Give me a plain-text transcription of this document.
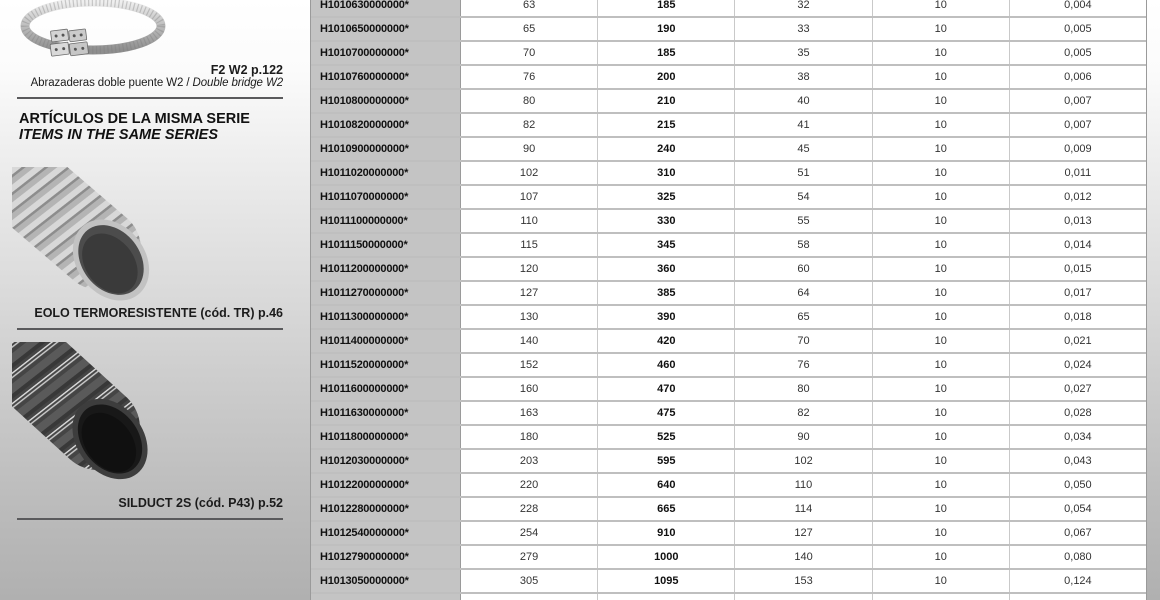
F2 W2 p.122
Abrazaderas doble puente W2 / Double bridge W2
ARTÍCULOS DE LA MISMA SERIE
ITEMS IN THE SAME SERIES
EOLO TERMORESISTENTE (cód. TR) p.46
SILDUCT 2S (cód. P43) p.52
H1010630000000*	63	185	32	10	0,004
H1010650000000*	65	190	33	10	0,005
H1010700000000*	70	185	35	10	0,005
H1010760000000*	76	200	38	10	0,006
H1010800000000*	80	210	40	10	0,007
H1010820000000*	82	215	41	10	0,007
H1010900000000*	90	240	45	10	0,009
H1011020000000*	102	310	51	10	0,011
H1011070000000*	107	325	54	10	0,012
H1011100000000*	110	330	55	10	0,013
H1011150000000*	115	345	58	10	0,014
H1011200000000*	120	360	60	10	0,015
H1011270000000*	127	385	64	10	0,017
H1011300000000*	130	390	65	10	0,018
H1011400000000*	140	420	70	10	0,021
H1011520000000*	152	460	76	10	0,024
H1011600000000*	160	470	80	10	0,027
H1011630000000*	163	475	82	10	0,028
H1011800000000*	180	525	90	10	0,034
H1012030000000*	203	595	102	10	0,043
H1012200000000*	220	640	110	10	0,050
H1012280000000*	228	665	114	10	0,054
H1012540000000*	254	910	127	10	0,067
H1012790000000*	279	1000	140	10	0,080
H1013050000000*	305	1095	153	10	0,124
